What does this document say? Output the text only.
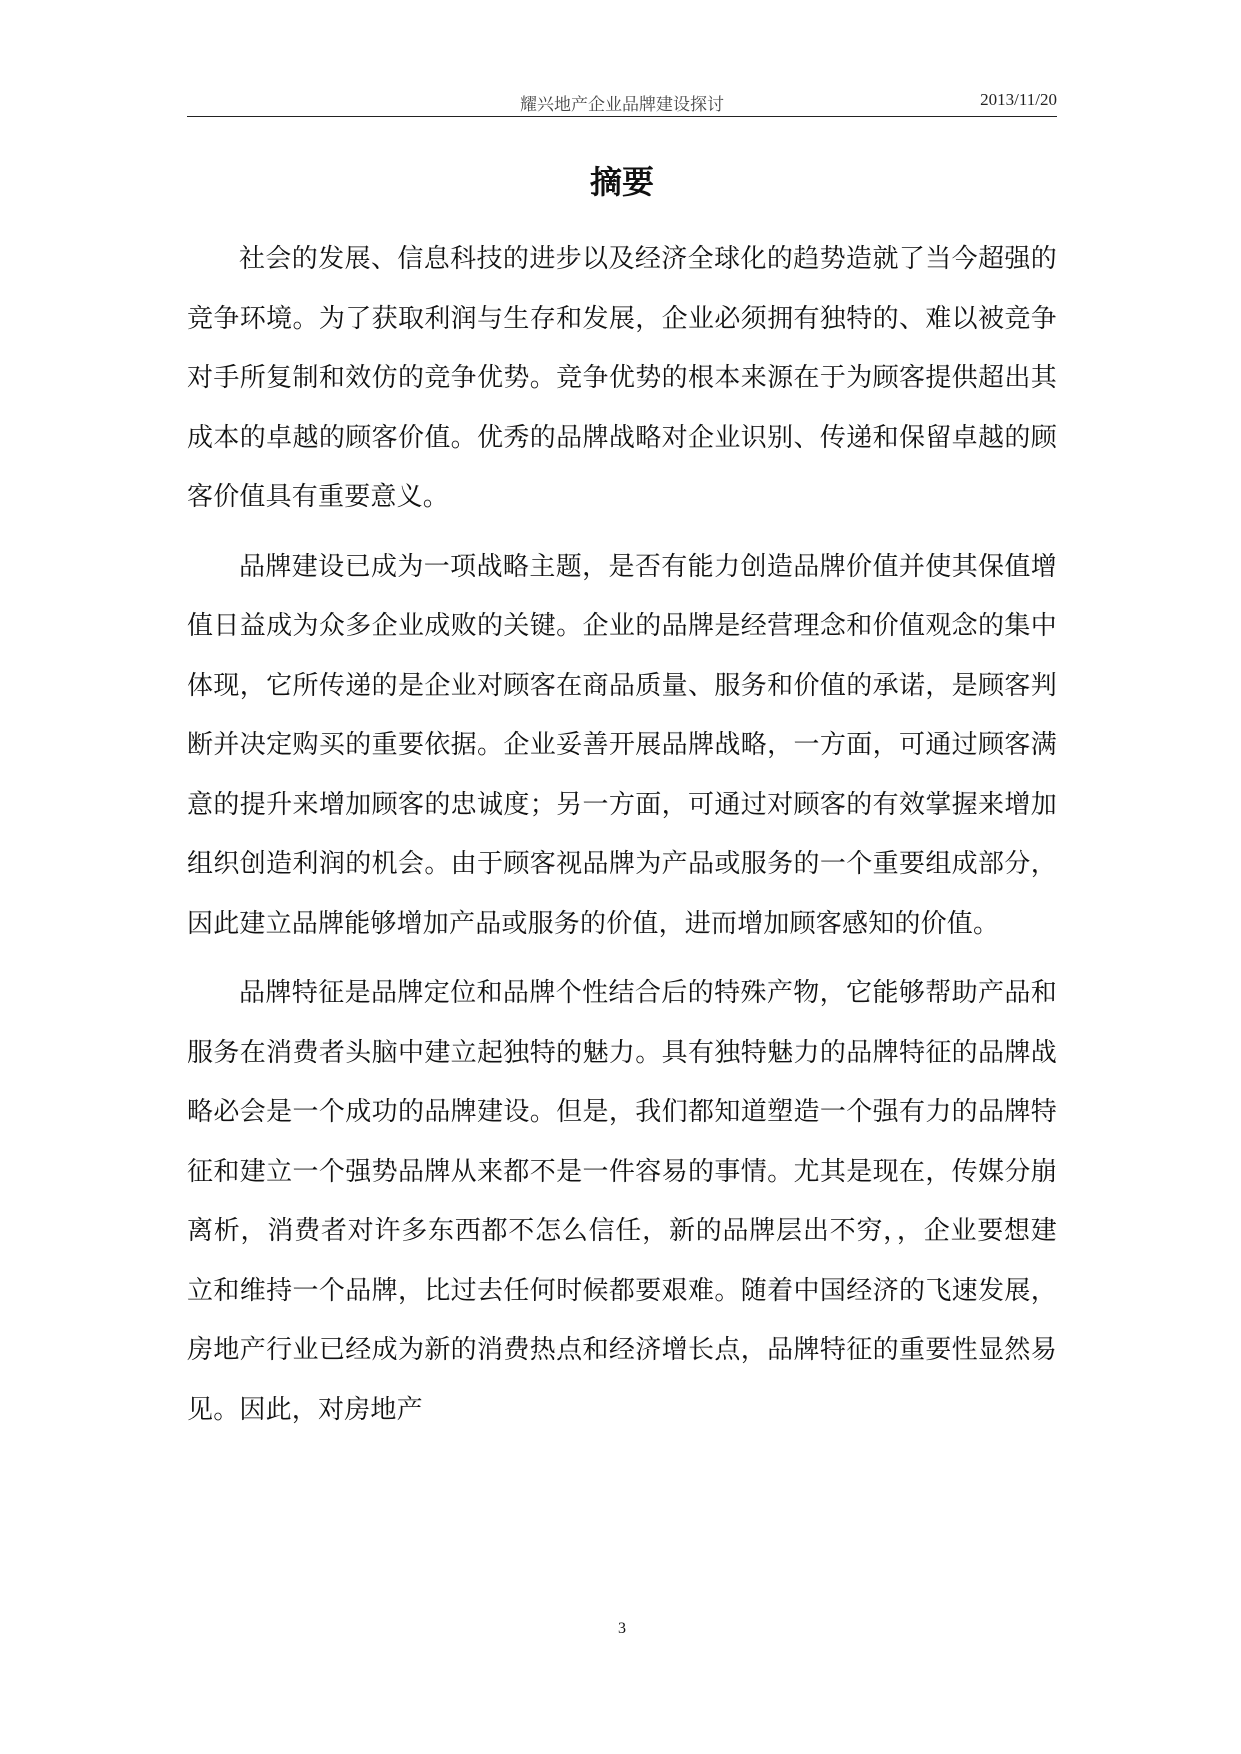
耀兴地产企业品牌建设探讨	2013/11/20
摘要

社会的发展、信息科技的进步以及经济全球化的趋势造就了当今超强的竞争环境。为了获取利润与生存和发展，企业必须拥有独特的、难以被竞争对手所复制和效仿的竞争优势。竞争优势的根本来源在于为顾客提供超出其成本的卓越的顾客价值。优秀的品牌战略对企业识别、传递和保留卓越的顾客价值具有重要意义。

品牌建设已成为一项战略主题，是否有能力创造品牌价值并使其保值增值日益成为众多企业成败的关键。企业的品牌是经营理念和价值观念的集中体现，它所传递的是企业对顾客在商品质量、服务和价值的承诺，是顾客判断并决定购买的重要依据。企业妥善开展品牌战略，一方面，可通过顾客满意的提升来增加顾客的忠诚度；另一方面，可通过对顾客的有效掌握来增加组织创造利润的机会。由于顾客视品牌为产品或服务的一个重要组成部分，因此建立品牌能够增加产品或服务的价值，进而增加顾客感知的价值。

品牌特征是品牌定位和品牌个性结合后的特殊产物，它能够帮助产品和服务在消费者头脑中建立起独特的魅力。具有独特魅力的品牌特征的品牌战略必会是一个成功的品牌建设。但是，我们都知道塑造一个强有力的品牌特征和建立一个强势品牌从来都不是一件容易的事情。尤其是现在，传媒分崩离析，消费者对许多东西都不怎么信任，新的品牌层出不穷，，企业要想建立和维持一个品牌，比过去任何时候都要艰难。随着中国经济的飞速发展，房地产行业已经成为新的消费热点和经济增长点，品牌特征的重要性显然易见。因此，对房地产

3
